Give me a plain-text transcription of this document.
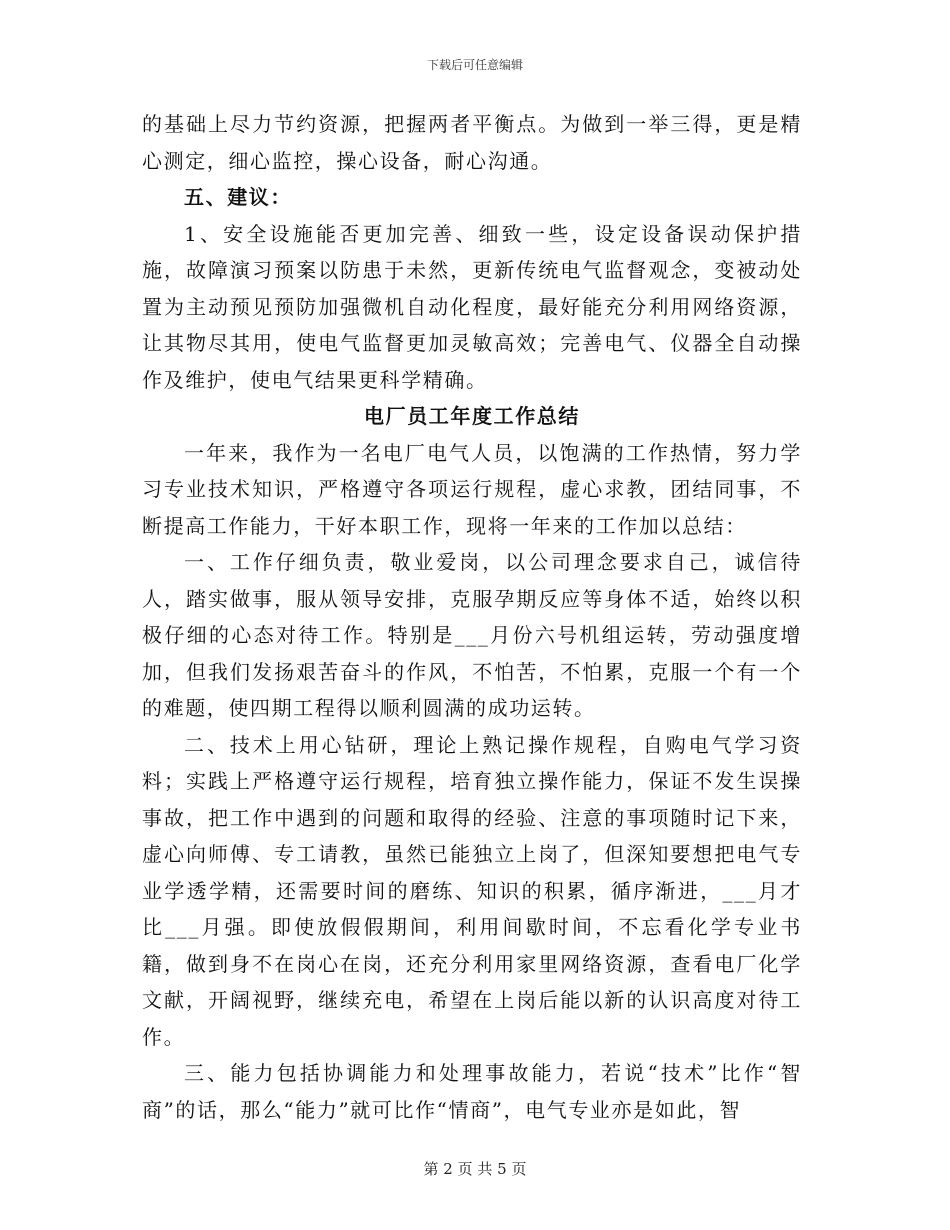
下载后可任意编辑

的基础上尽力节约资源，把握两者平衡点。为做到一举三得，更是精心测定，细心监控，操心设备，耐心沟通。

五、建议：

1、安全设施能否更加完善、细致一些，设定设备误动保护措施，故障演习预案以防患于未然，更新传统电气监督观念，变被动处置为主动预见预防加强微机自动化程度，最好能充分利用网络资源，让其物尽其用，使电气监督更加灵敏高效；完善电气、仪器全自动操作及维护，使电气结果更科学精确。

电厂员工年度工作总结

一年来，我作为一名电厂电气人员，以饱满的工作热情，努力学习专业技术知识，严格遵守各项运行规程，虚心求教，团结同事，不断提高工作能力，干好本职工作，现将一年来的工作加以总结：

一、工作仔细负责，敬业爱岗，以公司理念要求自己，诚信待人，踏实做事，服从领导安排，克服孕期反应等身体不适，始终以积极仔细的心态对待工作。特别是___月份六号机组运转，劳动强度增加，但我们发扬艰苦奋斗的作风，不怕苦，不怕累，克服一个有一个的难题，使四期工程得以顺利圆满的成功运转。

二、技术上用心钻研，理论上熟记操作规程，自购电气学习资料；实践上严格遵守运行规程，培育独立操作能力，保证不发生误操事故，把工作中遇到的问题和取得的经验、注意的事项随时记下来，虚心向师傅、专工请教，虽然已能独立上岗了，但深知要想把电气专业学透学精，还需要时间的磨练、知识的积累，循序渐进，___月才比___月强。即使放假假期间，利用间歇时间，不忘看化学专业书籍，做到身不在岗心在岗，还充分利用家里网络资源，查看电厂化学文献，开阔视野，继续充电，希望在上岗后能以新的认识高度对待工作。

三、能力包括协调能力和处理事故能力，若说“技术”比作“智商”的话，那么“能力”就可比作“情商”，电气专业亦是如此，智

第 2 页 共 5 页
